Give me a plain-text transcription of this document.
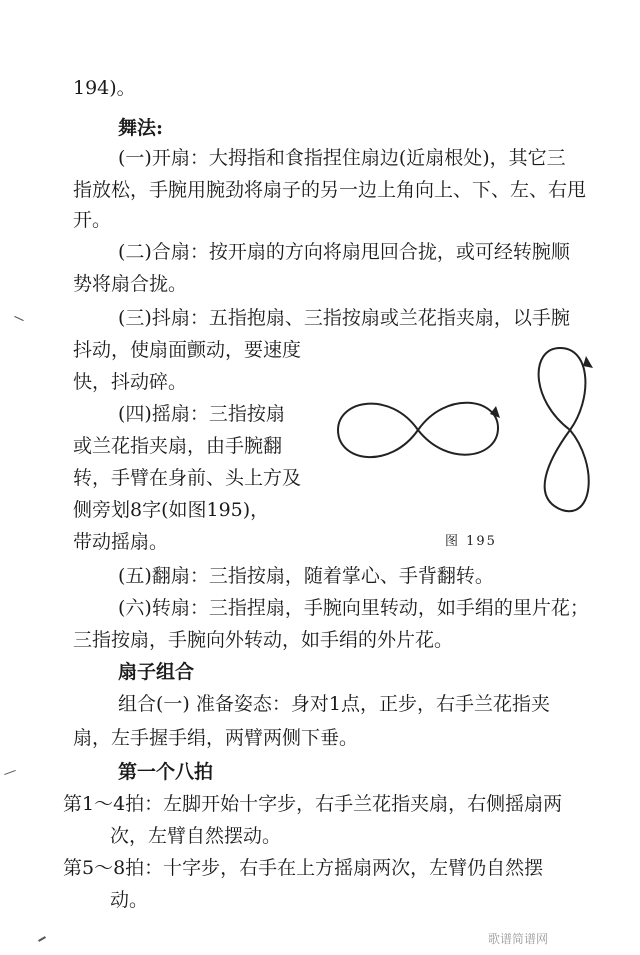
194)。
舞法:
(一)开扇：大拇指和食指捏住扇边(近扇根处)，其它三
指放松，手腕用腕劲将扇子的另一边上角向上、下、左、右甩
开。
(二)合扇：按开扇的方向将扇甩回合拢，或可经转腕顺
势将扇合拢。
(三)抖扇：五指抱扇、三指按扇或兰花指夹扇，以手腕
抖动，使扇面颤动，要速度
快，抖动碎。
(四)摇扇：三指按扇
或兰花指夹扇，由手腕翻
转，手臂在身前、头上方及
侧旁划8字(如图195)，
带动摇扇。
(五)翻扇：三指按扇，随着掌心、手背翻转。
(六)转扇：三指捏扇，手腕向里转动，如手绢的里片花；
三指按扇，手腕向外转动，如手绢的外片花。
扇子组合
组合(一) 准备姿态：身对1点，正步，右手兰花指夹
扇，左手握手绢，两臂两侧下垂。
第一个八拍
第1～4拍：左脚开始十字步，右手兰花指夹扇，右侧摇扇两
次，左臂自然摆动。
第5～8拍：十字步，右手在上方摇扇两次，左臂仍自然摆
动。
图 195
歌谱简谱网
